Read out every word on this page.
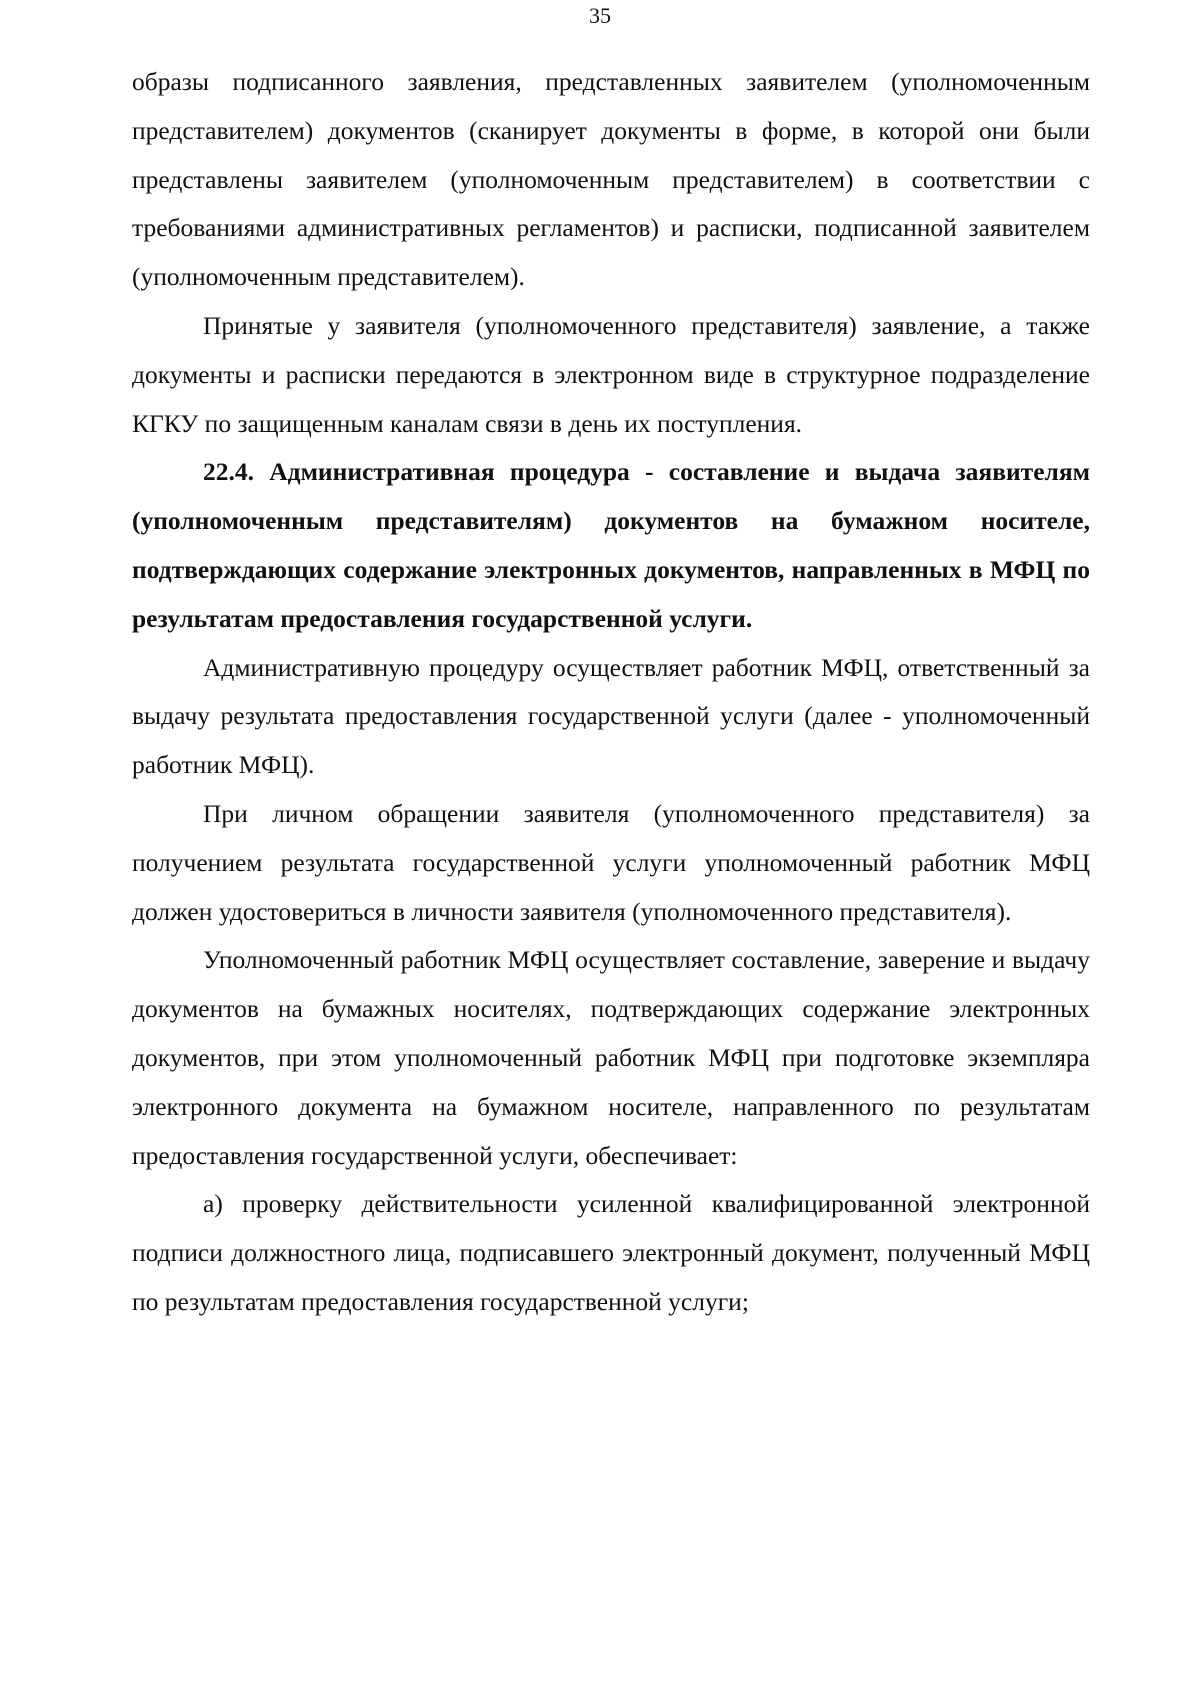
35

образы подписанного заявления, представленных заявителем (уполномоченным представителем) документов (сканирует документы в форме, в которой они были представлены заявителем (уполномоченным представителем) в соответствии с требованиями административных регламентов) и расписки, подписанной заявителем (уполномоченным представителем).

Принятые у заявителя (уполномоченного представителя) заявление, а также документы и расписки передаются в электронном виде в структурное подразделение КГКУ по защищенным каналам связи в день их поступления.

22.4. Административная процедура - составление и выдача заявителям (уполномоченным представителям) документов на бумажном носителе, подтверждающих содержание электронных документов, направленных в МФЦ по результатам предоставления государственной услуги.

Административную процедуру осуществляет работник МФЦ, ответственный за выдачу результата предоставления государственной услуги (далее - уполномоченный работник МФЦ).

При личном обращении заявителя (уполномоченного представителя) за получением результата государственной услуги уполномоченный работник МФЦ должен удостовериться в личности заявителя (уполномоченного представителя).

Уполномоченный работник МФЦ осуществляет составление, заверение и выдачу документов на бумажных носителях, подтверждающих содержание электронных документов, при этом уполномоченный работник МФЦ при подготовке экземпляра электронного документа на бумажном носителе, направленного по результатам предоставления государственной услуги, обеспечивает:

а) проверку действительности усиленной квалифицированной электронной подписи должностного лица, подписавшего электронный документ, полученный МФЦ по результатам предоставления государственной услуги;
